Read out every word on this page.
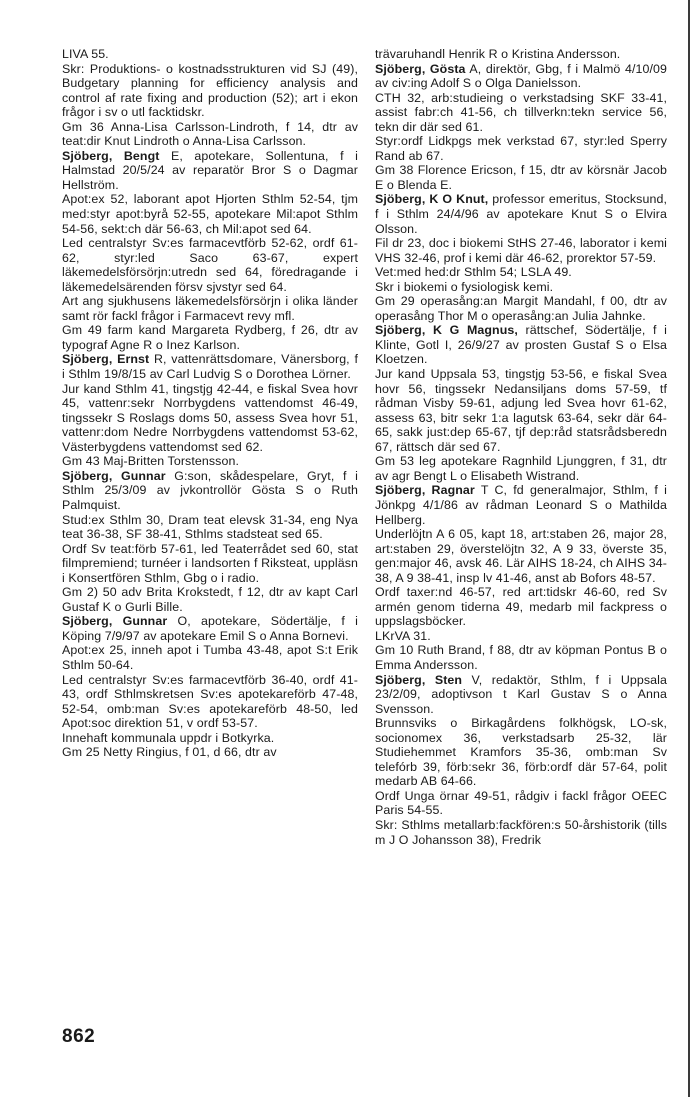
LIVA 55.

Skr: Produktions- o kostnadsstrukturen vid SJ (49), Budgetary planning for efficiency analysis and control af rate fixing and production (52); art i ekon frågor i sv o utl facktidskr.

Gm 36 Anna-Lisa Carlsson-Lindroth, f 14, dtr av teat:dir Knut Lindroth o Anna-Lisa Carlsson.

Sjöberg, Bengt E, apotekare, Sollentuna, f i Halmstad 20/5/24 av reparatör Bror S o Dagmar Hellström.

Apot:ex 52, laborant apot Hjorten Sthlm 52-54, tjm med:styr apot:byrå 52-55, apotekare Mil:apot Sthlm 54-56, sekt:ch där 56-63, ch Mil:apot sed 64.

Led centralstyr Sv:es farmacevtförb 52-62, ordf 61-62, styr:led Saco 63-67, expert läkemedelsförsörjn:utredn sed 64, föredragande i läkemedelsärenden försv sjvstyr sed 64.

Art ang sjukhusens läkemedelsförsörjn i olika länder samt rör fackl frågor i Farmacevt revy mfl.

Gm 49 farm kand Margareta Rydberg, f 26, dtr av typograf Agne R o Inez Karlson.

Sjöberg, Ernst R, vattenrättsdomare, Vänersborg, f i Sthlm 19/8/15 av Carl Ludvig S o Dorothea Lörner.

Jur kand Sthlm 41, tingstjg 42-44, e fiskal Svea hovr 45, vattenr:sekr Norrbygdens vattendomst 46-49, tingssekr S Roslags doms 50, assess Svea hovr 51, vattenr:dom Nedre Norrbygdens vattendomst 53-62, Västerbygdens vattendomst sed 62.

Gm 43 Maj-Britten Torstensson.

Sjöberg, Gunnar G:son, skådespelare, Gryt, f i Sthlm 25/3/09 av jvkontrollör Gösta S o Ruth Palmquist.

Stud:ex Sthlm 30, Dram teat elevsk 31-34, eng Nya teat 36-38, SF 38-41, Sthlms stadsteat sed 65.

Ordf Sv teat:förb 57-61, led Teaterrådet sed 60, stat filmpremiend; turnéer i landsorten f Riksteat, uppläsn i Konsertfören Sthlm, Gbg o i radio.

Gm 2) 50 adv Brita Krokstedt, f 12, dtr av kapt Carl Gustaf K o Gurli Bille.

Sjöberg, Gunnar O, apotekare, Södertälje, f i Köping 7/9/97 av apotekare Emil S o Anna Bornevi.

Apot:ex 25, inneh apot i Tumba 43-48, apot S:t Erik Sthlm 50-64.

Led centralstyr Sv:es farmacevtförb 36-40, ordf 41-43, ordf Sthlmskretsen Sv:es apotekareförb 47-48, 52-54, omb:man Sv:es apotekareförb 48-50, led Apot:soc direktion 51, v ordf 53-57.

Innehaft kommunala uppdr i Botkyrka.

Gm 25 Netty Ringius, f 01, d 66, dtr av

trävaruhandl Henrik R o Kristina Andersson.

Sjöberg, Gösta A, direktör, Gbg, f i Malmö 4/10/09 av civ:ing Adolf S o Olga Danielsson.

CTH 32, arb:studieing o verkstadsing SKF 33-41, assist fabr:ch 41-56, ch tillverkn:tekn service 56, tekn dir där sed 61.

Styr:ordf Lidkpgs mek verkstad 67, styr:led Sperry Rand ab 67.

Gm 38 Florence Ericson, f 15, dtr av körsnär Jacob E o Blenda E.

Sjöberg, K O Knut, professor emeritus, Stocksund, f i Sthlm 24/4/96 av apotekare Knut S o Elvira Olsson.

Fil dr 23, doc i biokemi StHS 27-46, laborator i kemi VHS 32-46, prof i kemi där 46-62, prorektor 57-59.

Vet:med hed:dr Sthlm 54; LSLA 49.

Skr i biokemi o fysiologisk kemi.

Gm 29 operasång:an Margit Mandahl, f 00, dtr av operasång Thor M o operasång:an Julia Jahnke.

Sjöberg, K G Magnus, rättschef, Södertälje, f i Klinte, Gotl I, 26/9/27 av prosten Gustaf S o Elsa Kloetzen.

Jur kand Uppsala 53, tingstjg 53-56, e fiskal Svea hovr 56, tingssekr Nedansiljans doms 57-59, tf rådman Visby 59-61, adjung led Svea hovr 61-62, assess 63, bitr sekr 1:a lagutsk 63-64, sekr där 64-65, sakk just:dep 65-67, tjf dep:råd statsrådsberedn 67, rättsch där sed 67.

Gm 53 leg apotekare Ragnhild Ljunggren, f 31, dtr av agr Bengt L o Elisabeth Wistrand.

Sjöberg, Ragnar T C, fd generalmajor, Sthlm, f i Jönkpg 4/1/86 av rådman Leonard S o Mathilda Hellberg.

Underlöjtn A 6 05, kapt 18, art:staben 26, major 28, art:staben 29, överstelöjtn 32, A 9 33, överste 35, gen:major 46, avsk 46. Lär AIHS 18-24, ch AIHS 34-38, A 9 38-41, insp lv 41-46, anst ab Bofors 48-57.

Ordf taxer:nd 46-57, red art:tidskr 46-60, red Sv armén genom tiderna 49, medarb mil fackpress o uppslagsböcker.

LKrVA 31.

Gm 10 Ruth Brand, f 88, dtr av köpman Pontus B o Emma Andersson.

Sjöberg, Sten V, redaktör, Sthlm, f i Uppsala 23/2/09, adoptivson t Karl Gustav S o Anna Svensson.

Brunnsviks o Birkagårdens folkhögsk, LO-sk, socionomex 36, verkstadsarb 25-32, lär Studiehemmet Kramfors 35-36, omb:man Sv telefórb 39, förb:sekr 36, förb:ordf där 57-64, polit medarb AB 64-66.

Ordf Unga örnar 49-51, rådgiv i fackl frågor OEEC Paris 54-55.

Skr: Sthlms metallarb:fackfören:s 50-årshistorik (tills m J O Johansson 38), Fredrik

862
